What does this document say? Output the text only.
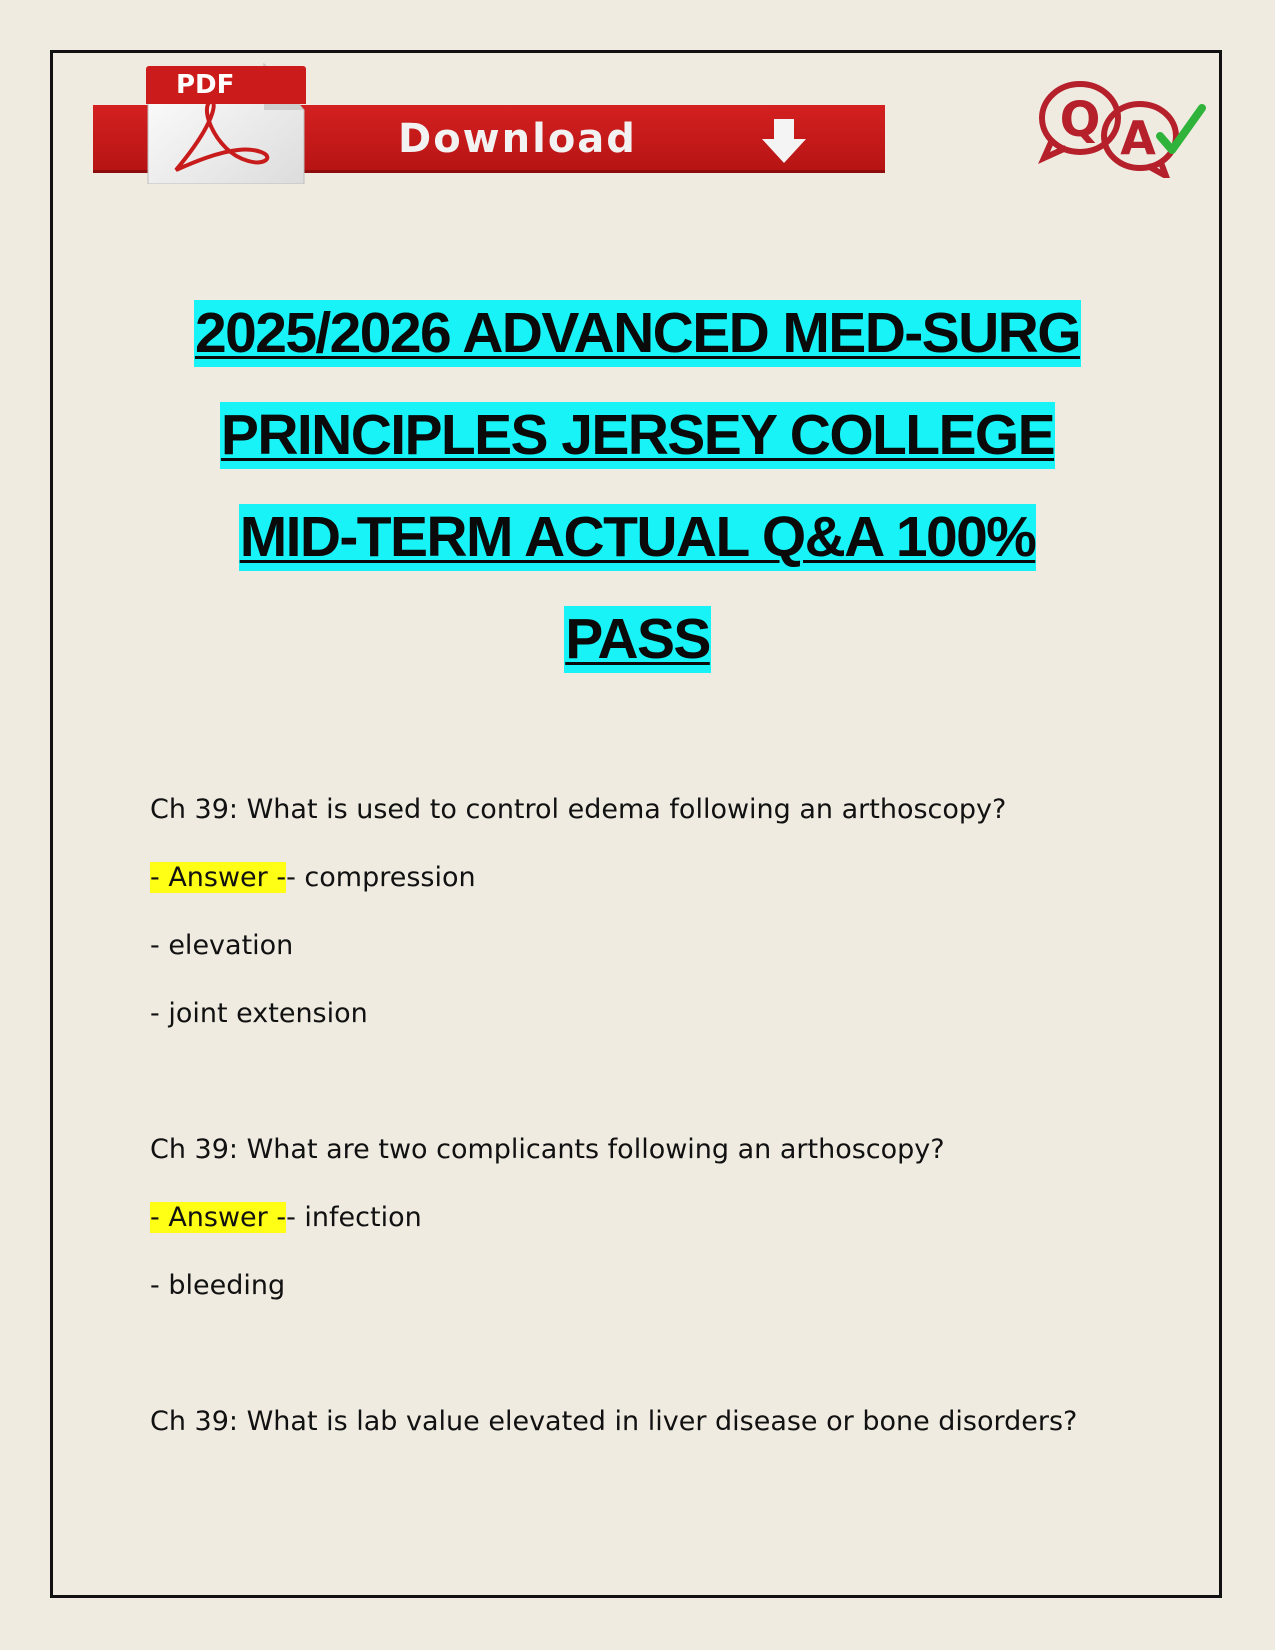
Download
PDF
Q A
2025/2026 ADVANCED MED-SURG
PRINCIPLES JERSEY COLLEGE
MID-TERM ACTUAL Q&A 100%
PASS
Ch 39: What is used to control edema following an arthoscopy?
- Answer -- compression
- elevation
- joint extension
Ch 39: What are two complicants following an arthoscopy?
- Answer -- infection
- bleeding
Ch 39: What is lab value elevated in liver disease or bone disorders?
